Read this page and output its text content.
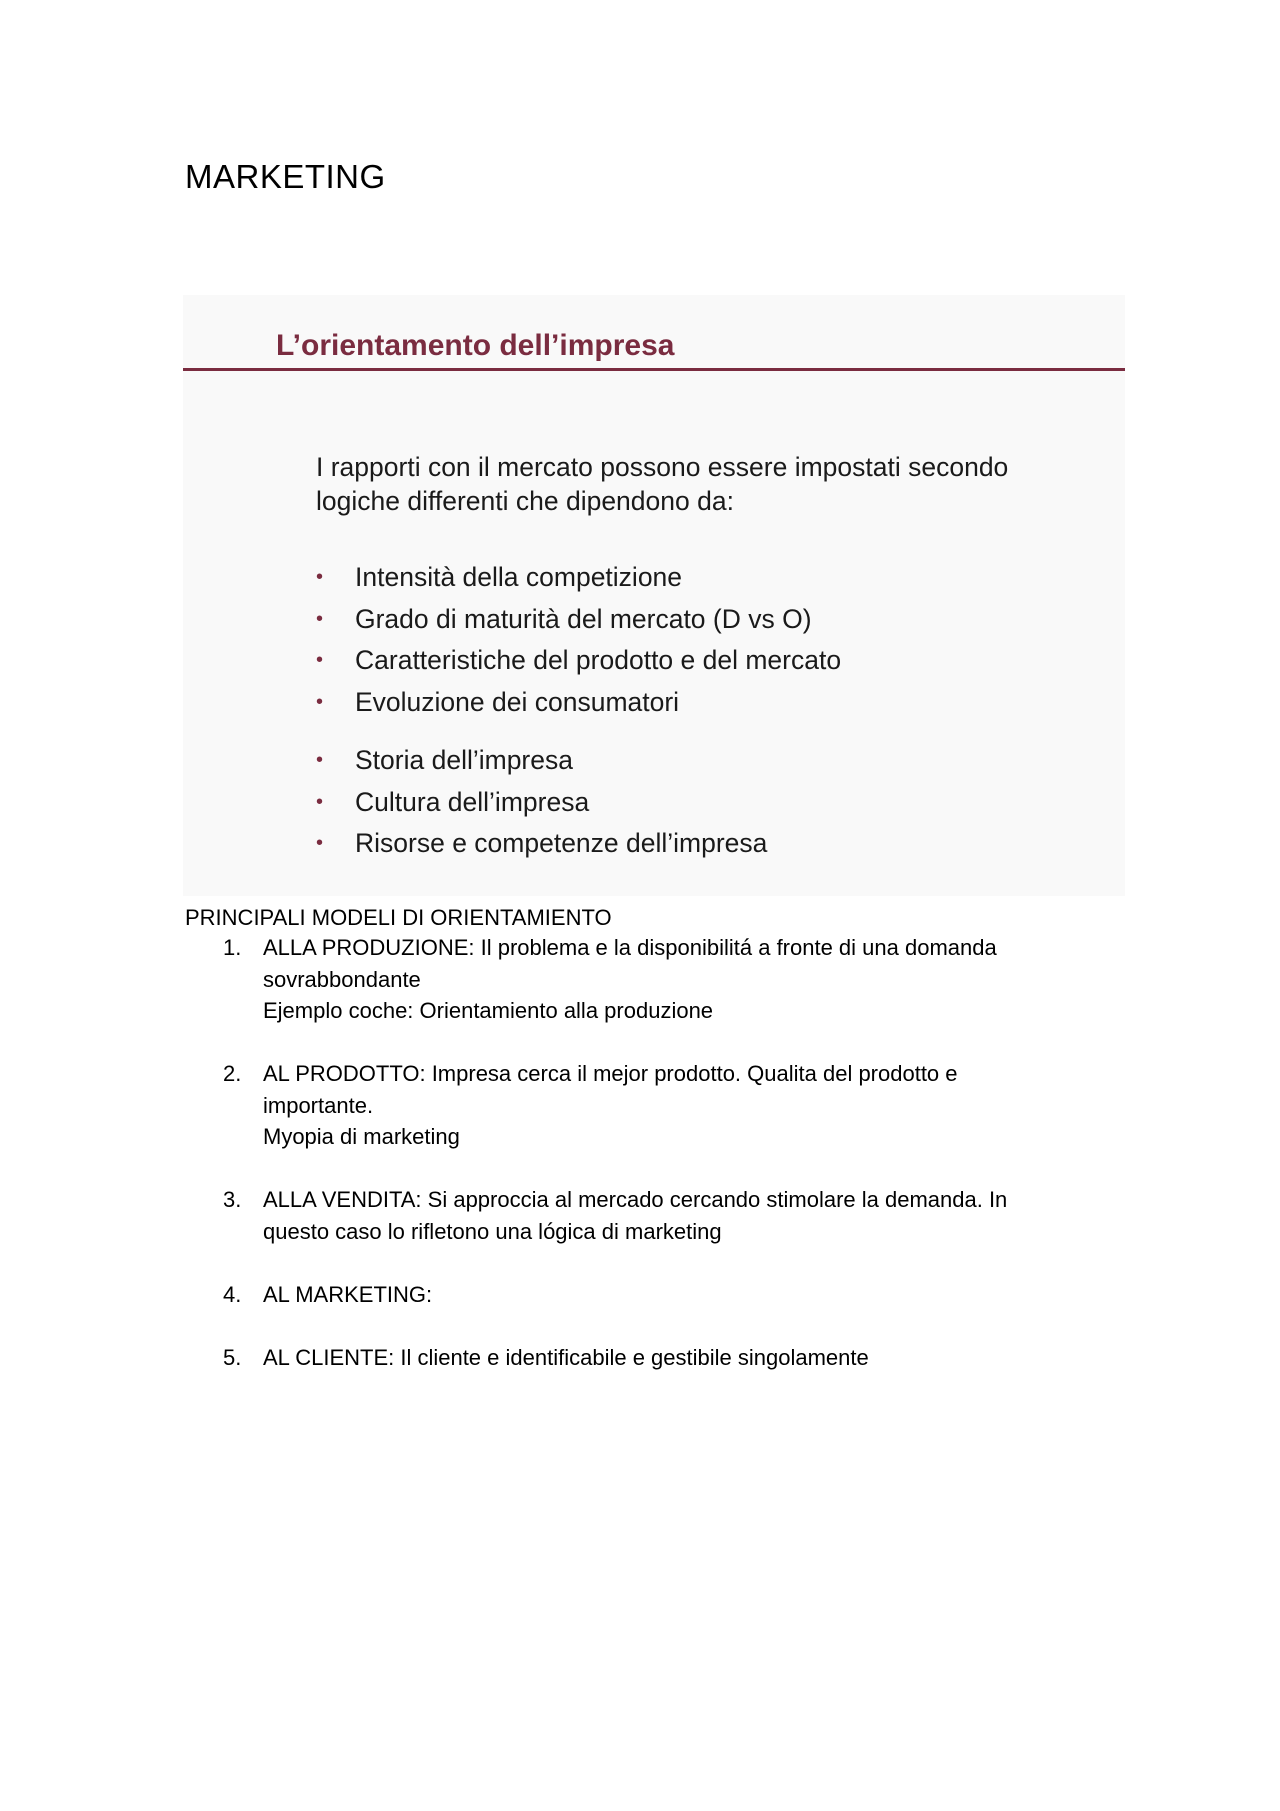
MARKETING
L’orientamento dell’impresa
I rapporti con il mercato possono essere impostati secondo
logiche differenti che dipendono da:
• Intensità della competizione
• Grado di maturità del mercato (D vs O)
• Caratteristiche del prodotto e del mercato
• Evoluzione dei consumatori
• Storia dell’impresa
• Cultura dell’impresa
• Risorse e competenze dell’impresa
PRINCIPALI MODELI DI ORIENTAMIENTO
1. ALLA PRODUZIONE: Il problema e la disponibilitá a fronte di una domanda
sovrabbondante
Ejemplo coche: Orientamiento alla produzione
2. AL PRODOTTO: Impresa cerca il mejor prodotto. Qualita del prodotto e
importante.
Myopia di marketing
3. ALLA VENDITA: Si approccia al mercado cercando stimolare la demanda. In
questo caso lo rifletono una lógica di marketing
4. AL MARKETING:
5. AL CLIENTE: Il cliente e identificabile e gestibile singolamente
